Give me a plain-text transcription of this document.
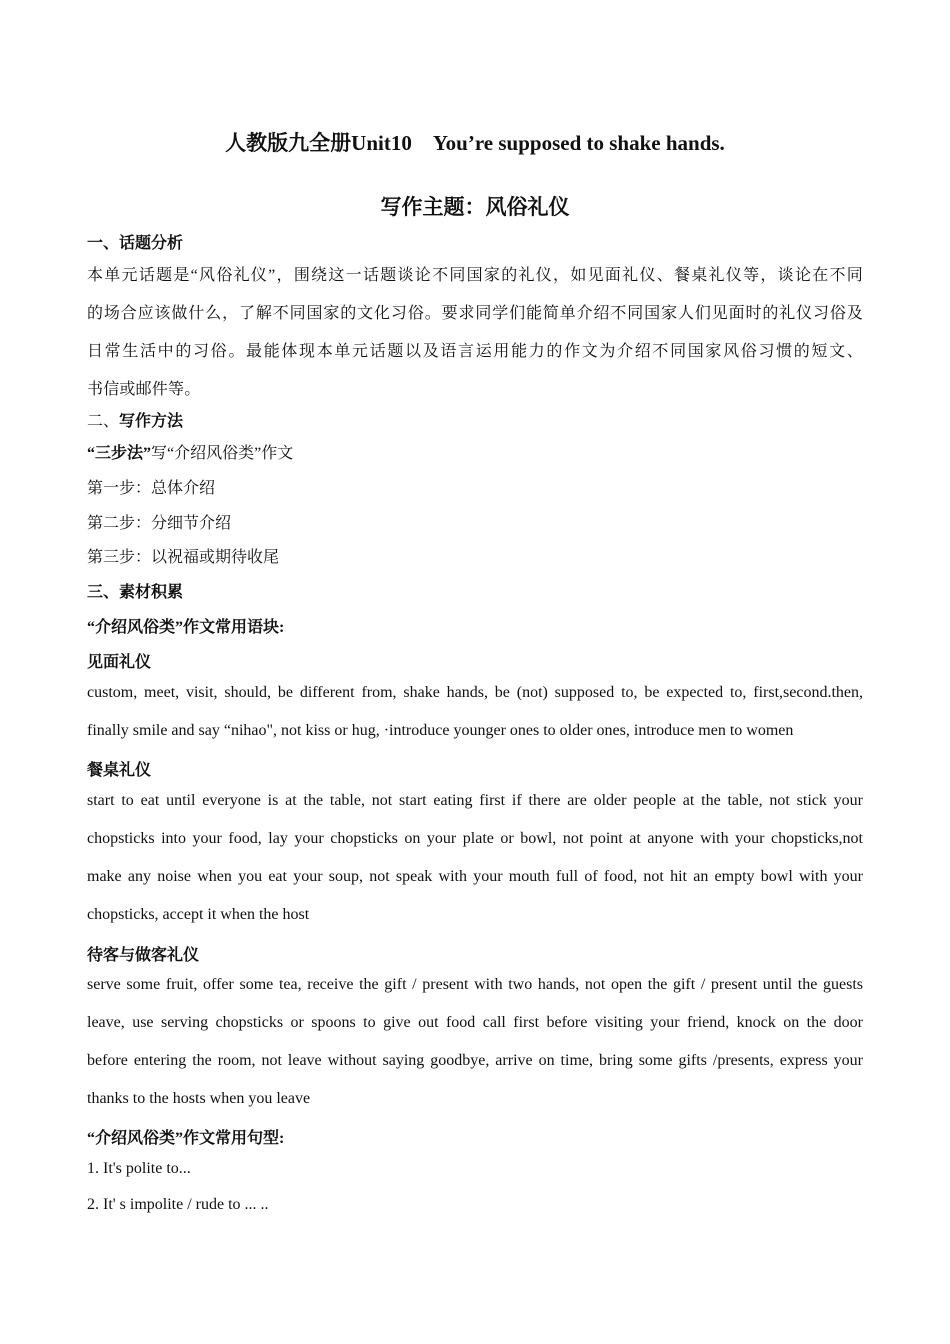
人教版九全册Unit10　You’re supposed to shake hands.
写作主题：风俗礼仪
一、话题分析
本单元话题是“风俗礼仪”，围绕这一话题谈论不同国家的礼仪，如见面礼仪、餐桌礼仪等，谈论在不同
的场合应该做什么，了解不同国家的文化习俗。要求同学们能简单介绍不同国家人们见面时的礼仪习俗及
日常生活中的习俗。最能体现本单元话题以及语言运用能力的作文为介绍不同国家风俗习惯的短文、
书信或邮件等。
二、写作方法
“三步法”写“介绍风俗类”作文
第一步：总体介绍
第二步：分细节介绍
第三步：以祝福或期待收尾
三、素材积累
“介绍风俗类”作文常用语块:
见面礼仪
custom, meet, visit, should, be different from, shake hands, be (not) supposed to, be expected to, first,second.then,
finally smile and say “nihao", not kiss or hug, ·introduce younger ones to older ones, introduce men to women
餐桌礼仪
start to eat until everyone is at the table, not start eating first if there are older people at the table, not stick your
chopsticks into your food, lay your chopsticks on your plate or bowl, not point at anyone with your chopsticks,not
make any noise when you eat your soup, not speak with your mouth full of food, not hit an empty bowl with your
chopsticks, accept it when the host
待客与做客礼仪
serve some fruit, offer some tea, receive the gift / present with two hands, not open the gift / present until the guests
leave, use serving chopsticks or spoons to give out food call first before visiting your friend, knock on the door
before entering the room, not leave without saying goodbye, arrive on time, bring some gifts /presents, express your
thanks to the hosts when you leave
“介绍风俗类”作文常用句型:
1. It's polite to...
2. It' s impolite / rude to ... ..
